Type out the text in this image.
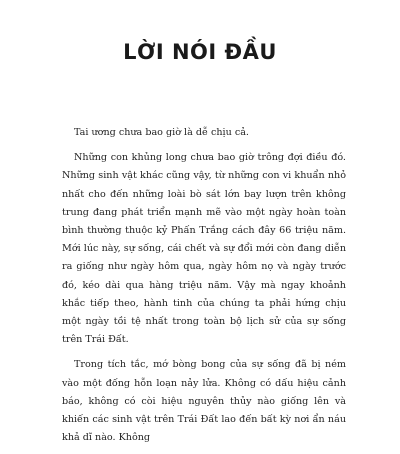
LỜI NÓI ĐẦU

Tai ương chưa bao giờ là dễ chịu cả.

Những con khủng long chưa bao giờ trông đợi điều đó. Những sinh vật khác cũng vậy, từ những con vi khuẩn nhỏ nhất cho đến những loài bò sát lớn bay lượn trên không trung đang phát triển mạnh mẽ vào một ngày hoàn toàn bình thường thuộc kỷ Phấn Trắng cách đây 66 triệu năm. Mới lúc này, sự sống, cái chết và sự đổi mới còn đang diễn ra giống như ngày hôm qua, ngày hôm nọ và ngày trước đó, kéo dài qua hàng triệu năm. Vậy mà ngay khoảnh khắc tiếp theo, hành tinh của chúng ta phải hứng chịu một ngày tồi tệ nhất trong toàn bộ lịch sử của sự sống trên Trái Đất.

Trong tích tắc, mớ bòng bong của sự sống đã bị ném vào một đống hỗn loạn nảy lửa. Không có dấu hiệu cảnh báo, không có còi hiệu nguyên thủy nào giống lên và khiến các sinh vật trên Trái Đất lao đến bất kỳ nơi ẩn náu khả dĩ nào. Không
